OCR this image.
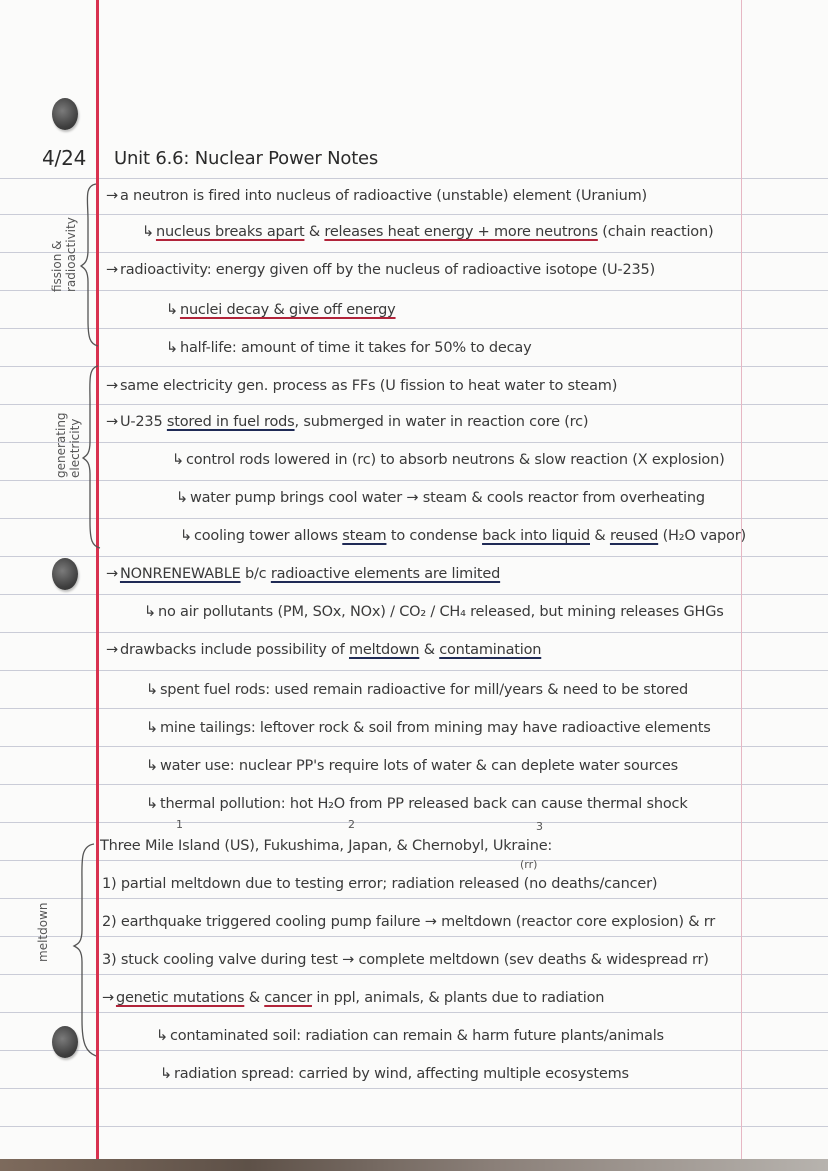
4/24 Unit 6.6: Nuclear Power Notes
fission & radioactivity
generating electricity
meltdown
→ a neutron is fired into nucleus of radioactive (unstable) element (Uranium)
↳ nucleus breaks apart & releases heat energy + more neutrons (chain reaction)
→ radioactivity: energy given off by the nucleus of radioactive isotope (U-235)
↳ nuclei decay & give off energy
↳ half-life: amount of time it takes for 50% to decay
→ same electricity gen. process as FFs (U fission to heat water to steam)
→ U-235 stored in fuel rods, submerged in water in reaction core (rc)
↳ control rods lowered in (rc) to absorb neutrons & slow reaction (X explosion)
↳ water pump brings cool water → steam & cools reactor from overheating
↳ cooling tower allows steam to condense back into liquid & reused (H₂O vapor)
→ NONRENEWABLE b/c radioactive elements are limited
↳ no air pollutants (PM, SOx, NOx) / CO₂ / CH₄ released, but mining releases GHGs
→ drawbacks include possibility of meltdown & contamination
↳ spent fuel rods: used remain radioactive for mill/years & need to be stored
↳ mine tailings: leftover rock & soil from mining may have radioactive elements
↳ water use: nuclear PP's require lots of water & can deplete water sources
↳ thermal pollution: hot H₂O from PP released back can cause thermal shock
1	2	3
Three Mile Island (US), Fukushima, Japan, & Chernobyl, Ukraine:
(rr)
1) partial meltdown due to testing error; radiation released (no deaths/cancer)
2) earthquake triggered cooling pump failure → meltdown (reactor core explosion) & rr
3) stuck cooling valve during test → complete meltdown (sev deaths & widespread rr)
→ genetic mutations & cancer in ppl, animals, & plants due to radiation
↳ contaminated soil: radiation can remain & harm future plants/animals
↳ radiation spread: carried by wind, affecting multiple ecosystems
